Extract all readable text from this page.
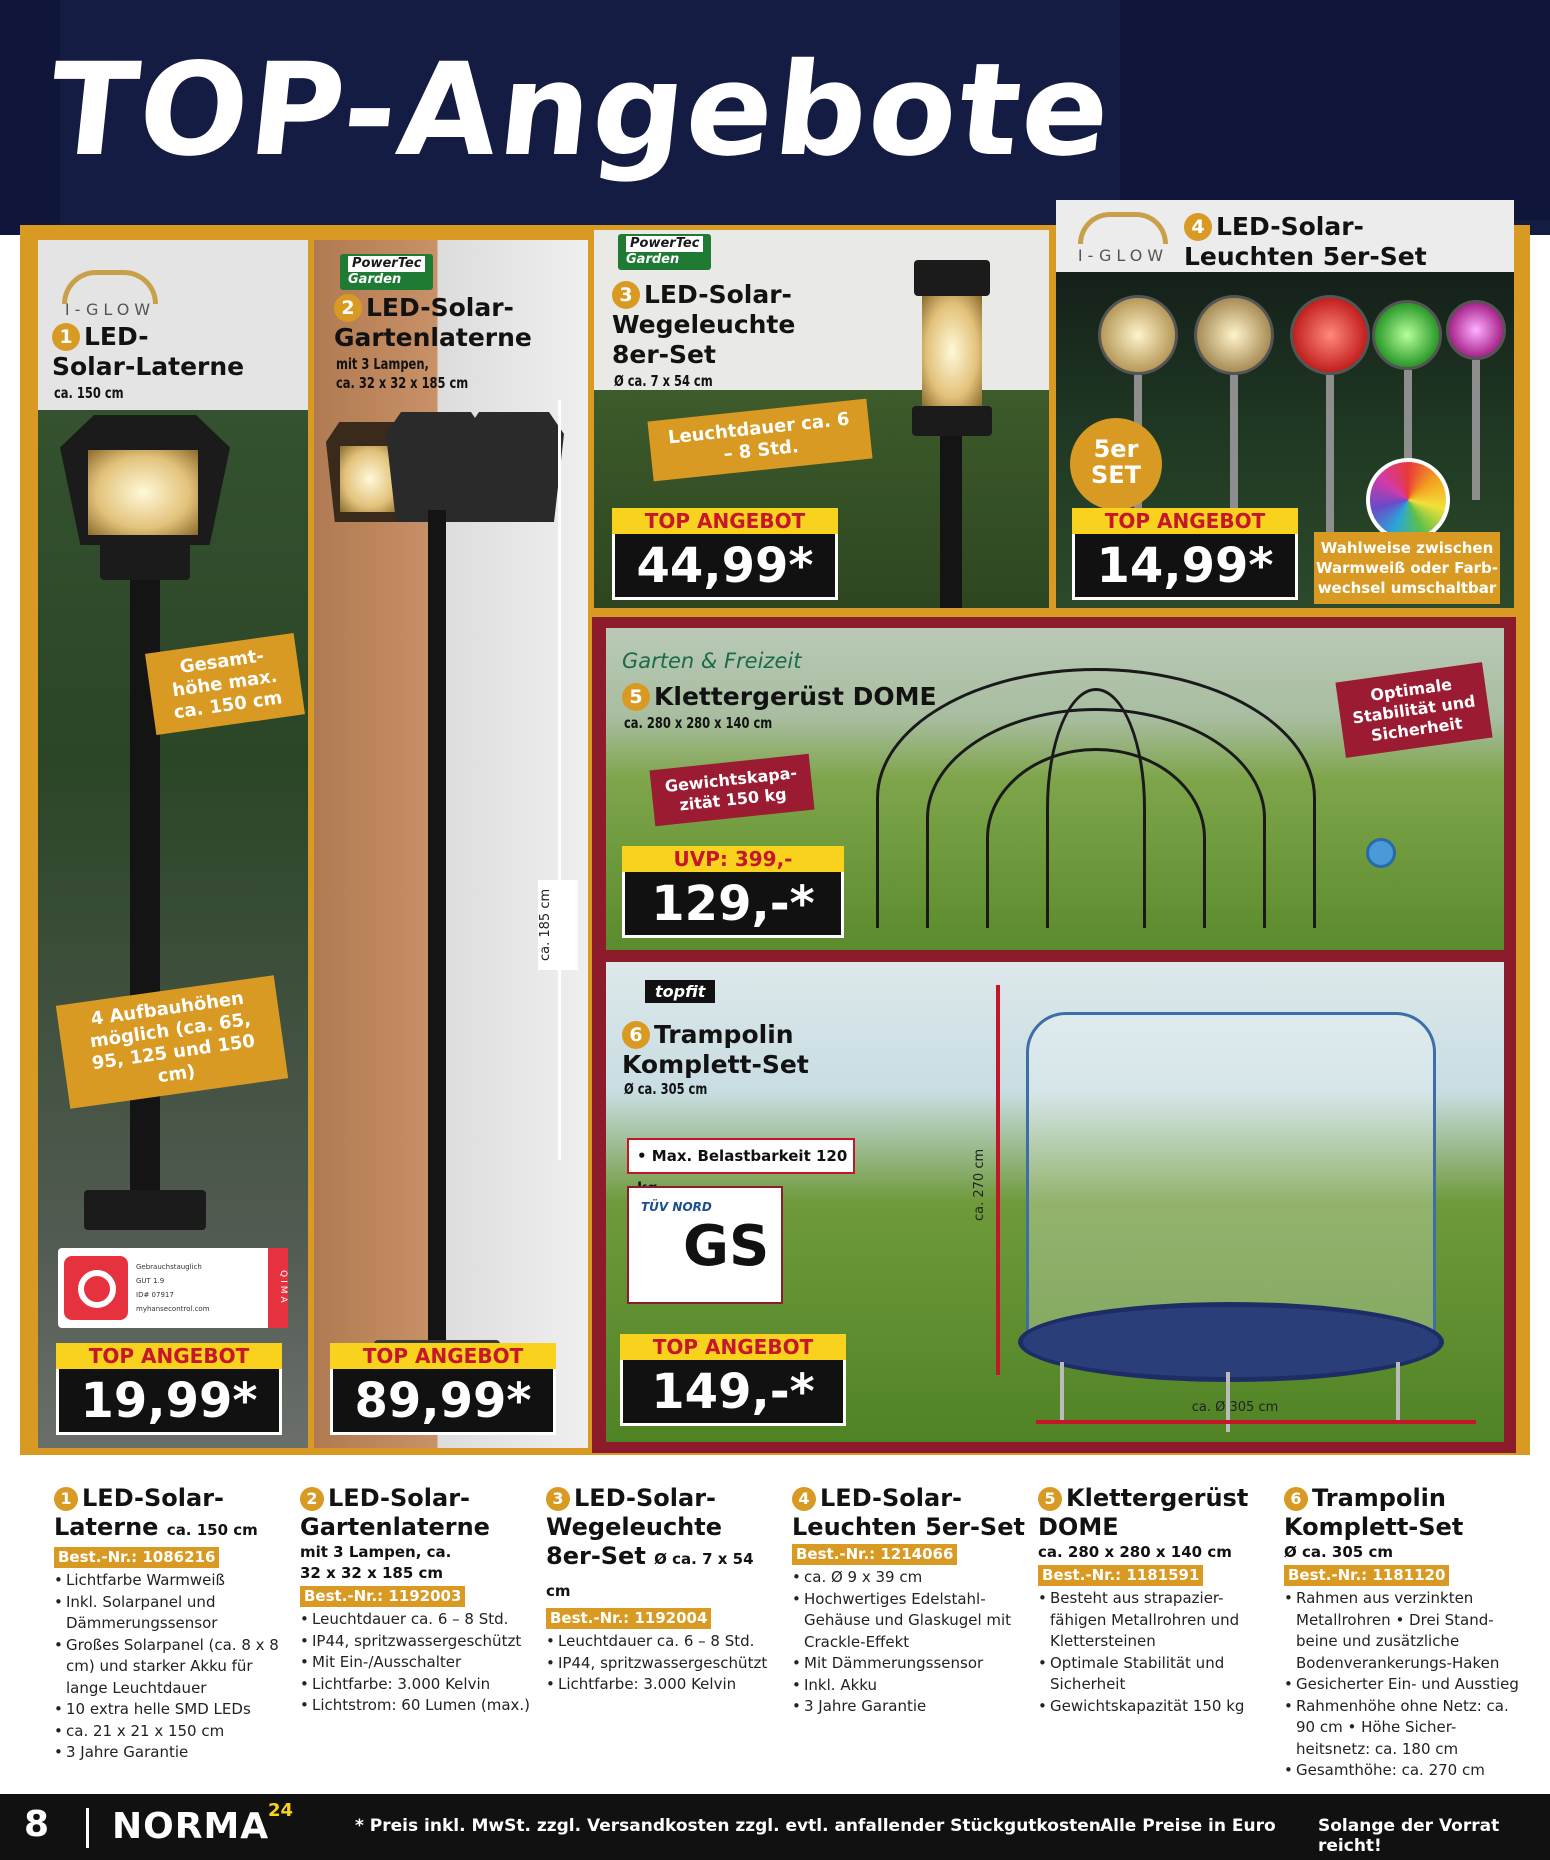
TOP-Angebote
I-GLOW
1 LED-
Solar-Laterne
ca. 150 cm
Gesamt-höhe max. ca. 150 cm
4 Aufbauhöhen möglich (ca. 65, 95, 125 und 150 cm)
Gebrauchstauglich
GUT 1.9
ID# 07917
myhansecontrol.com
QIMA
TOP ANGEBOT
19,99*
PowerTec
Garden
2 LED-Solar-
Gartenlaterne
mit 3 Lampen,
ca. 32 x 32 x 185 cm
ca. 185 cm
TOP ANGEBOT
89,99*
PowerTec
Garden
3 LED-Solar-
Wegeleuchte
8er-Set
Ø ca. 7 x 54 cm
Leuchtdauer ca. 6 – 8 Std.
TOP ANGEBOT
44,99*
I-GLOW
4 LED-Solar-
Leuchten 5er-Set
5er
SET
Wahlweise zwischen Warmweiß oder Farb-wechsel umschaltbar
TOP ANGEBOT
14,99*
Garten & Freizeit
5 Klettergerüst DOME
ca. 280 x 280 x 140 cm
Gewichtskapa-zität 150 kg
Optimale Stabilität und Sicherheit
UVP: 399,-
129,-*
topfit
6 Trampolin
Komplett-Set
Ø ca. 305 cm
• Max. Belastbarkeit 120
TÜV NORD
GS
ca. 270 cm
ca. Ø 305 cm
TOP ANGEBOT
149,-*
1 LED-Solar-
Laterne ca. 150 cm
Best.-Nr.: 1086216
• Lichtfarbe Warmweiß
• Inkl. Solarpanel und Dämmerungssensor
• Großes Solarpanel (ca. 8 x 8 cm) und starker Akku für lange Leuchtdauer
• 10 extra helle SMD LEDs
• ca. 21 x 21 x 150 cm
• 3 Jahre Garantie
2 LED-Solar-
Gartenlaterne
mit 3 Lampen, ca.
32 x 32 x 185 cm
Best.-Nr.: 1192003
• Leuchtdauer ca. 6 – 8 Std.
• IP44, spritzwassergeschützt
• Mit Ein-/Ausschalter
• Lichtfarbe: 3.000 Kelvin
• Lichtstrom: 60 Lumen (max.)
3 LED-Solar-
Wegeleuchte
8er-Set Ø ca. 7 x 54 cm
Best.-Nr.: 1192004
• Leuchtdauer ca. 6 – 8 Std.
• IP44, spritzwassergeschützt
• Lichtfarbe: 3.000 Kelvin
4 LED-Solar-
Leuchten 5er-Set
Best.-Nr.: 1214066
• ca. Ø 9 x 39 cm
• Hochwertiges Edelstahl-Gehäuse und Glaskugel mit Crackle-Effekt
• Mit Dämmerungssensor
• Inkl. Akku
• 3 Jahre Garantie
5 Klettergerüst
DOME
ca. 280 x 280 x 140 cm
Best.-Nr.: 1181591
• Besteht aus strapazier-fähigen Metallrohren und Klettersteinen
• Optimale Stabilität und Sicherheit
• Gewichtskapazität 150 kg
6 Trampolin
Komplett-Set
Ø ca. 305 cm
Best.-Nr.: 1181120
• Rahmen aus verzinkten Metallrohren • Drei Stand-beine und zusätzliche Bodenverankerungs-Haken
• Gesicherter Ein- und Ausstieg
• Rahmenhöhe ohne Netz: ca. 90 cm • Höhe Sicher-heitsnetz: ca. 180 cm
• Gesamthöhe: ca. 270 cm
8 NORMA
24
* Preis inkl. MwSt. zzgl. Versandkosten zzgl. evtl. anfallender Stückgutkosten Alle Preise in Euro Solange der Vorrat reicht!
